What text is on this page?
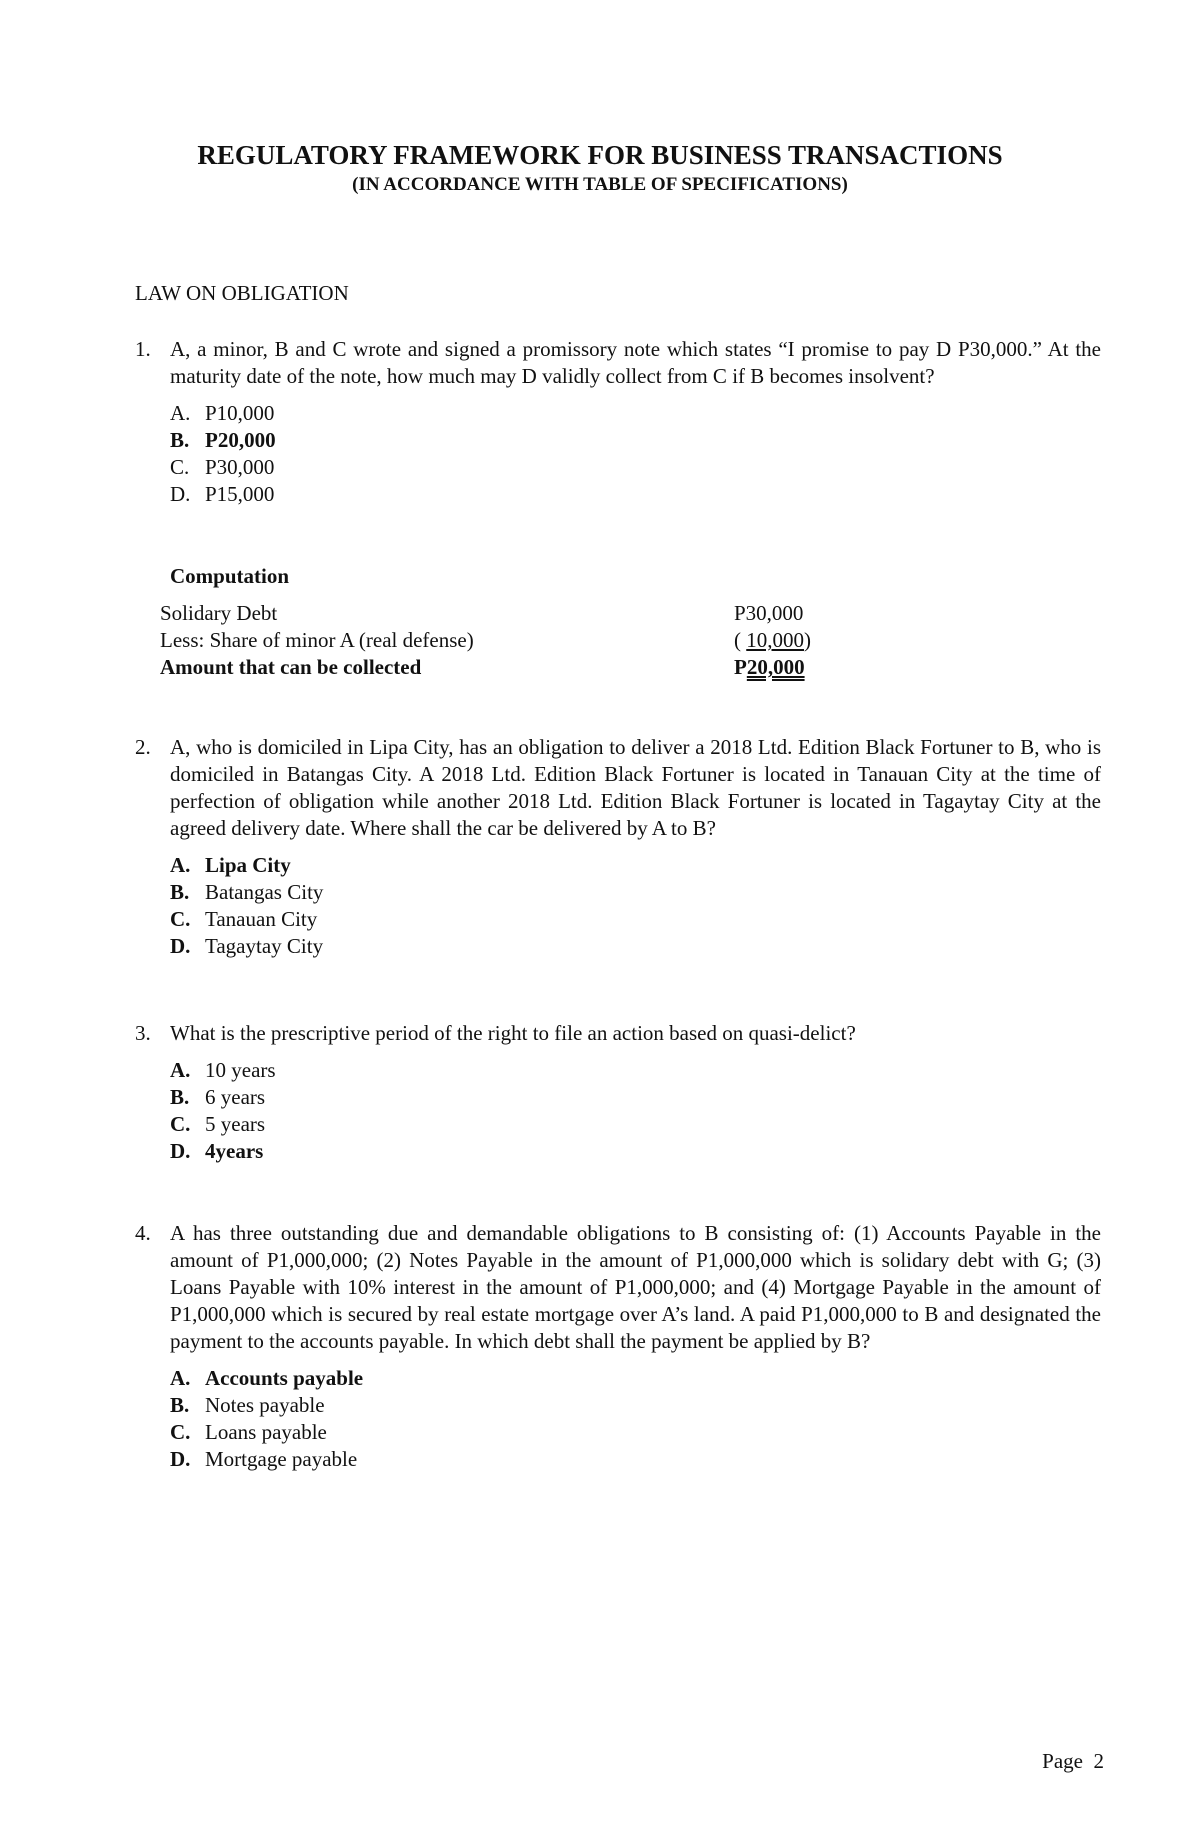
REGULATORY FRAMEWORK FOR BUSINESS TRANSACTIONS
(IN ACCORDANCE WITH TABLE OF SPECIFICATIONS)
LAW ON OBLIGATION
1. A, a minor, B and C wrote and signed a promissory note which states “I promise to pay D P30,000.” At the maturity date of the note, how much may D validly collect from C if B becomes insolvent?
A. P10,000
B. P20,000
C. P30,000
D. P15,000
Computation
Solidary Debt	P30,000
Less: Share of minor A (real defense)	( 10,000)
Amount that can be collected	P20,000
2. A, who is domiciled in Lipa City, has an obligation to deliver a 2018 Ltd. Edition Black Fortuner to B, who is domiciled in Batangas City. A 2018 Ltd. Edition Black Fortuner is located in Tanauan City at the time of perfection of obligation while another 2018 Ltd. Edition Black Fortuner is located in Tagaytay City at the agreed delivery date. Where shall the car be delivered by A to B?
A. Lipa City
B. Batangas City
C. Tanauan City
D. Tagaytay City
3. What is the prescriptive period of the right to file an action based on quasi-delict?
A. 10 years
B. 6 years
C. 5 years
D. 4years
4. A has three outstanding due and demandable obligations to B consisting of: (1) Accounts Payable in the amount of P1,000,000; (2) Notes Payable in the amount of P1,000,000 which is solidary debt with G; (3) Loans Payable with 10% interest in the amount of P1,000,000; and (4) Mortgage Payable in the amount of P1,000,000 which is secured by real estate mortgage over A’s land. A paid P1,000,000 to B and designated the payment to the accounts payable. In which debt shall the payment be applied by B?
A. Accounts payable
B. Notes payable
C. Loans payable
D. Mortgage payable
Page 2
